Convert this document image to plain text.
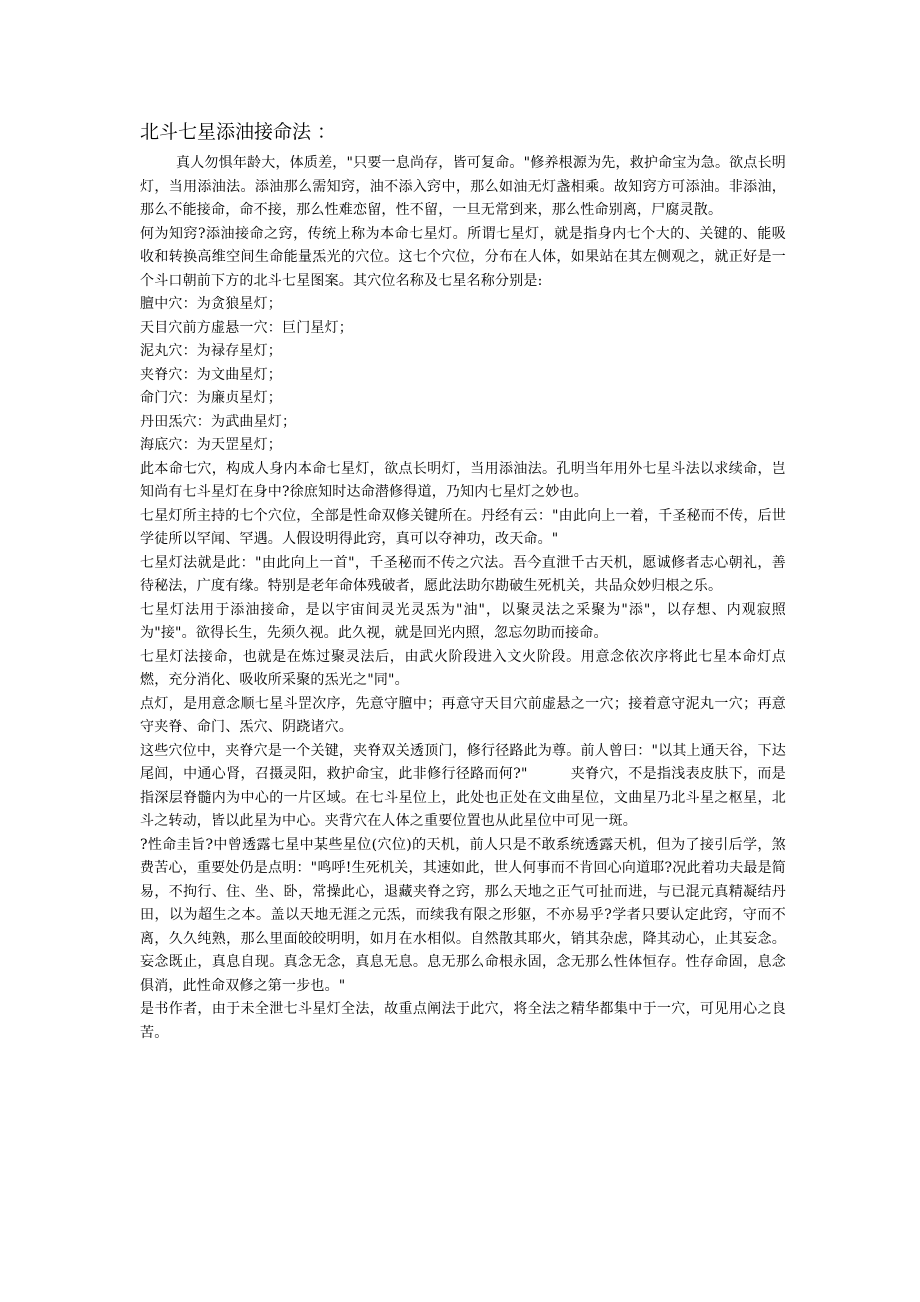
北斗七星添油接命法 ：

真人勿惧年龄大，体质差，"只要一息尚存，皆可复命。"修养根源为先，救护命宝为急。欲点长明灯，当用添油法。添油那么需知窍，油不添入窍中，那么如油无灯盏相乘。故知窍方可添油。非添油，那么不能接命，命不接，那么性难恋留，性不留，一旦无常到来，那么性命别离，尸腐灵散。

何为知窍?添油接命之窍，传统上称为本命七星灯。所谓七星灯，就是指身内七个大的、关键的、能吸收和转换高维空间生命能量炁光的穴位。这七个穴位，分布在人体，如果站在其左侧观之，就正好是一个斗口朝前下方的北斗七星图案。其穴位名称及七星名称分别是:

膻中穴：为贪狼星灯；

天目穴前方虚悬一穴：巨门星灯；

泥丸穴：为禄存星灯；

夹脊穴：为文曲星灯；

命门穴：为廉贞星灯；

丹田炁穴：为武曲星灯；

海底穴：为天罡星灯；

此本命七穴，构成人身内本命七星灯，欲点长明灯，当用添油法。孔明当年用外七星斗法以求续命，岂知尚有七斗星灯在身中?徐庶知时达命潜修得道，乃知内七星灯之妙也。

七星灯所主持的七个穴位，全部是性命双修关键所在。丹经有云："由此向上一着，千圣秘而不传，后世学徒所以罕闻、罕遇。人假设明得此窍，真可以夺神功，改天命。"

七星灯法就是此："由此向上一首"，千圣秘而不传之穴法。吾今直泄千古天机，愿诚修者志心朝礼，善待秘法，广度有缘。特别是老年命体残破者，愿此法助尔勘破生死机关，共品众妙归根之乐。

七星灯法用于添油接命，是以宇宙间灵光灵炁为"油"，以聚灵法之采聚为"添"，以存想、内观寂照为"接"。欲得长生，先须久视。此久视，就是回光内照，忽忘勿助而接命。

七星灯法接命，也就是在炼过聚灵法后，由武火阶段进入文火阶段。用意念依次序将此七星本命灯点燃，充分消化、吸收所采聚的炁光之"同"。

点灯，是用意念顺七星斗罡次序，先意守膻中；再意守天目穴前虚悬之一穴；接着意守泥丸一穴；再意守夹脊、命门、炁穴、阴跷诸穴。

这些穴位中，夹脊穴是一个关键，夹脊双关透顶门，修行径路此为尊。前人曾曰："以其上通天谷，下达尾闾，中通心肾，召摄灵阳，救护命宝，此非修行径路而何?"　　　夹脊穴，不是指浅表皮肤下，而是指深层脊髓内为中心的一片区域。在七斗星位上，此处也正处在文曲星位，文曲星乃北斗星之枢星，北斗之转动，皆以此星为中心。夹背穴在人体之重要位置也从此星位中可见一斑。

?性命圭旨?中曾透露七星中某些星位(穴位)的天机，前人只是不敢系统透露天机，但为了接引后学，煞费苦心，重要处仍是点明："鸣呼!生死机关，其速如此，世人何事而不肯回心向道耶?况此着功夫最是简易，不拘行、住、坐、卧，常操此心，退藏夹脊之窍，那么天地之正气可扯而进，与已混元真精凝结丹田，以为超生之本。盖以天地无涯之元炁，而续我有限之形躯，不亦易乎?学者只要认定此窍，守而不离，久久纯熟，那么里面皎皎明明，如月在水相似。自然散其耶火，销其杂虑，降其动心，止其妄念。妄念既止，真息自现。真念无念，真息无息。息无那么命根永固，念无那么性体恒存。性存命固，息念俱消，此性命双修之第一步也。"

是书作者，由于未全泄七斗星灯全法，故重点阐法于此穴，将全法之精华都集中于一穴，可见用心之良苦。
